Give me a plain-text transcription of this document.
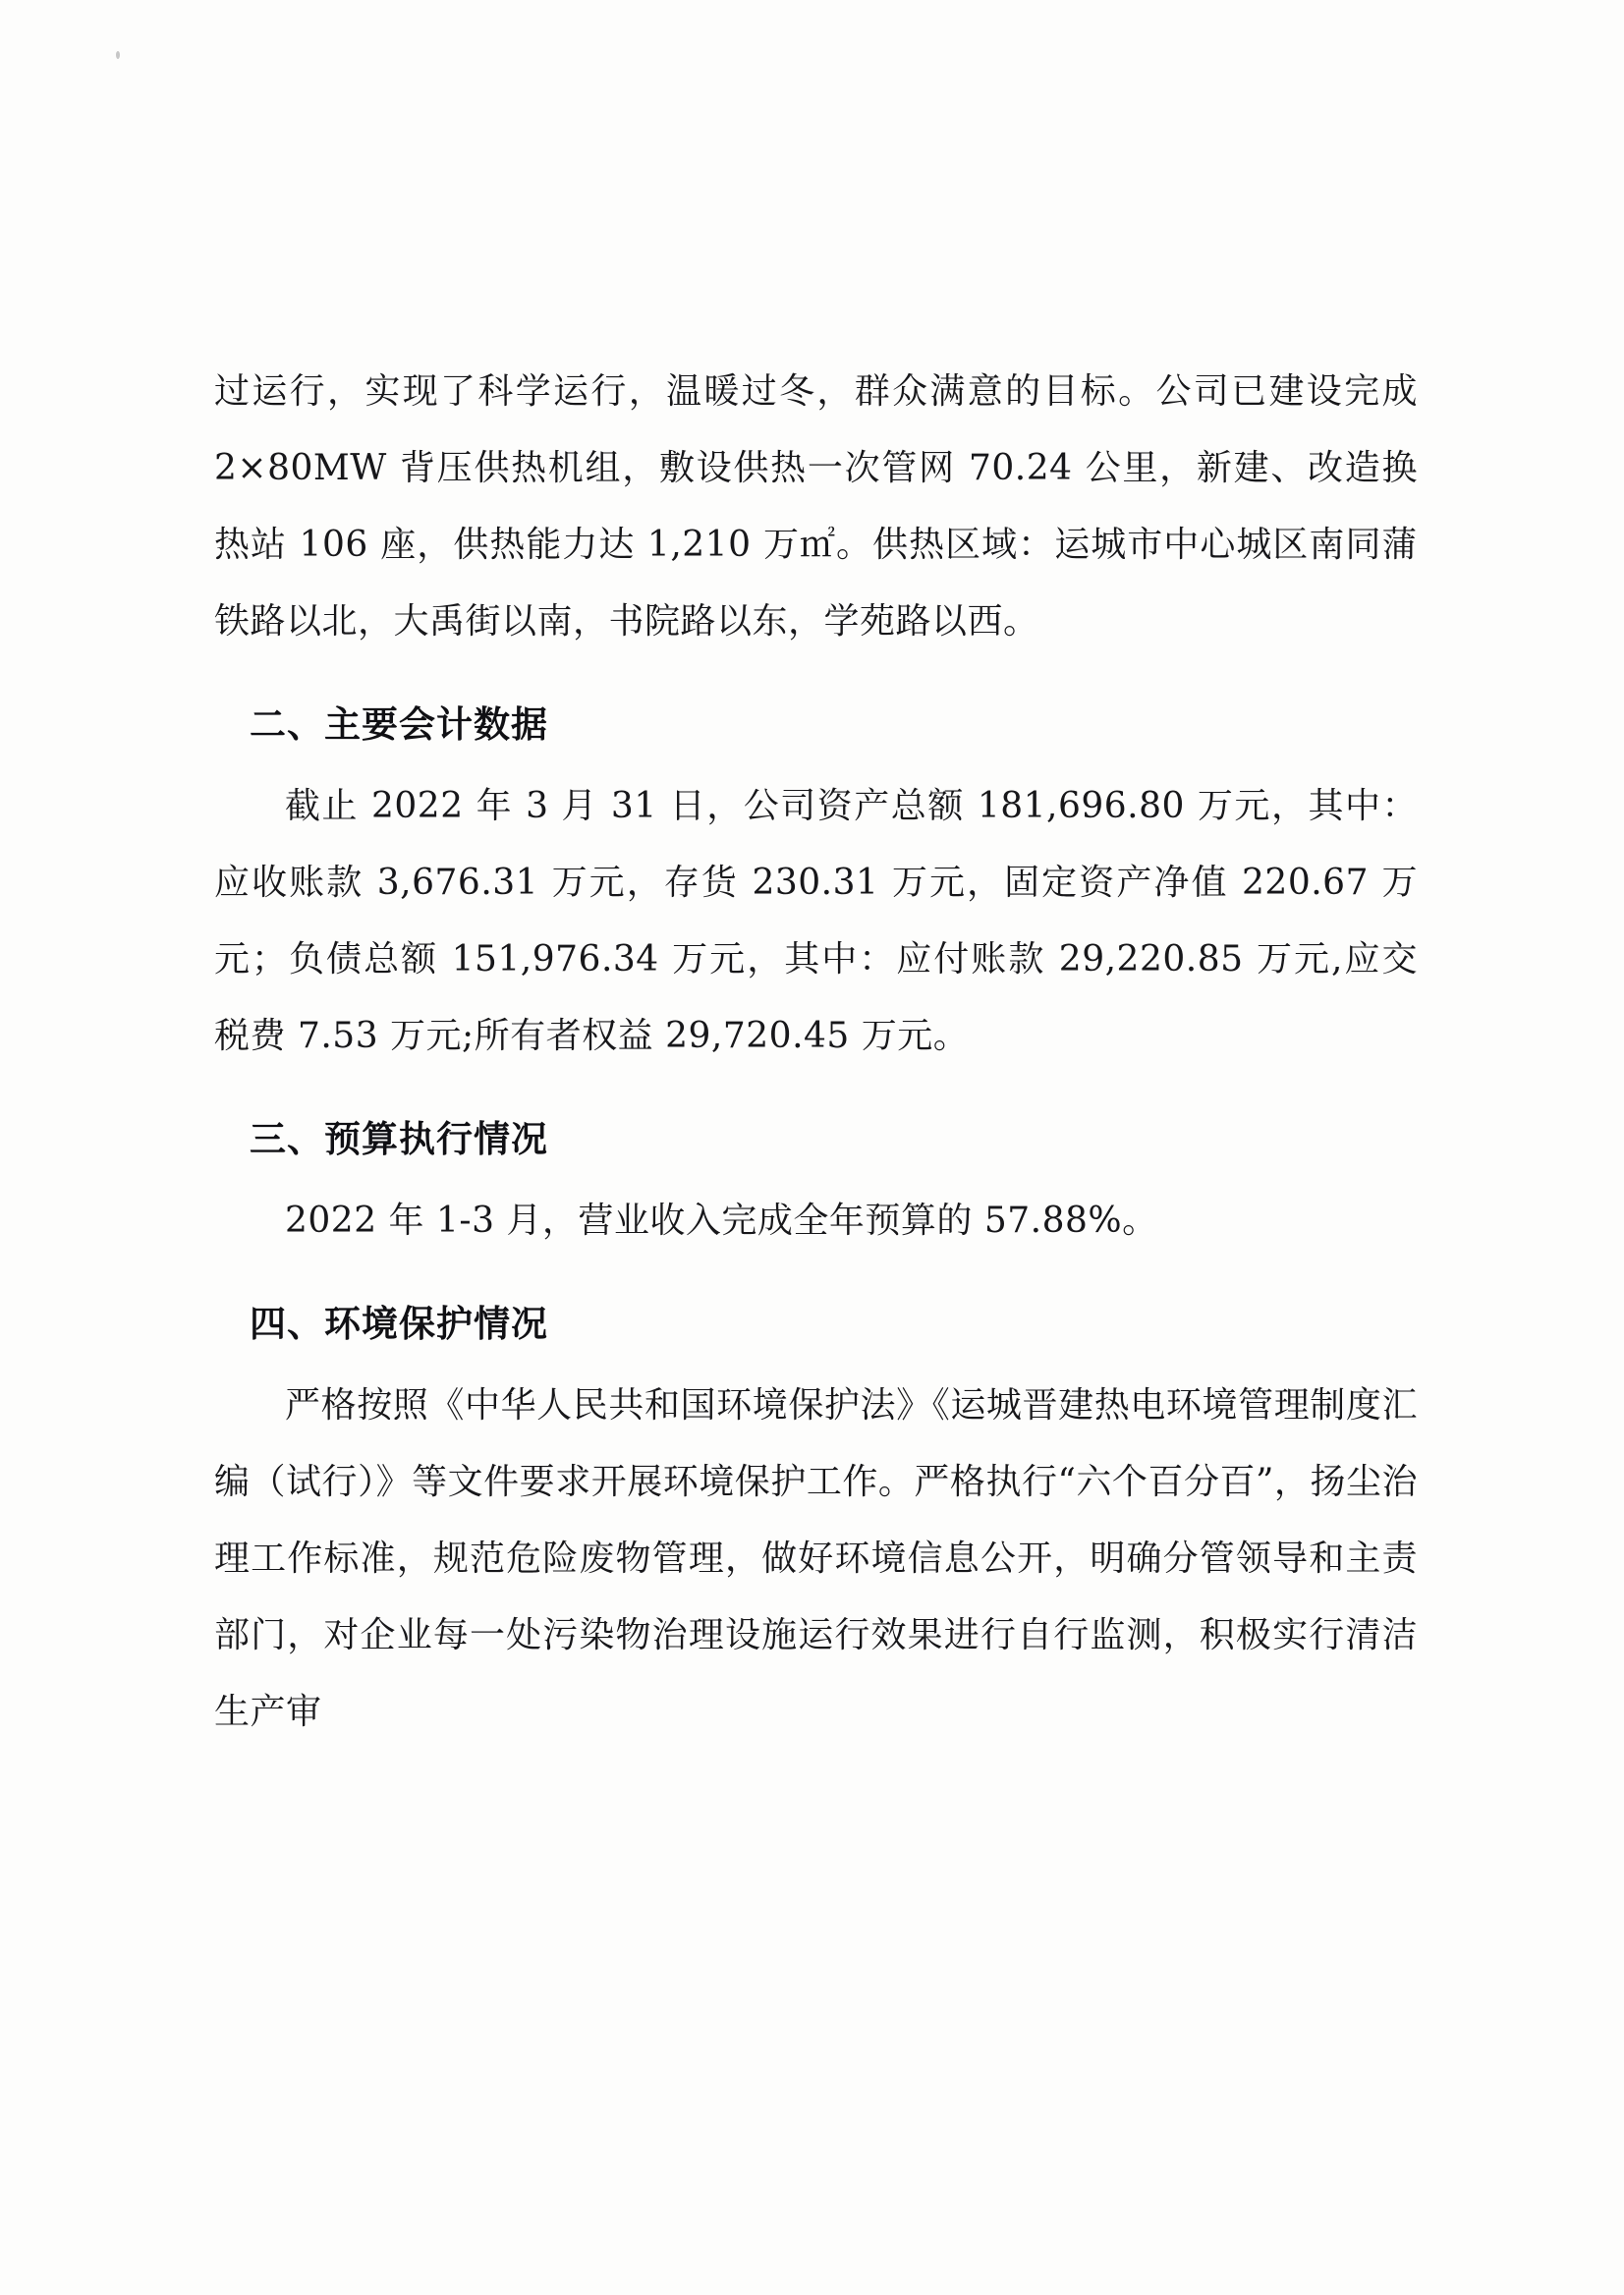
过运行，实现了科学运行，温暖过冬，群众满意的目标。公司已建设完成 2×80MW 背压供热机组，敷设供热一次管网 70.24 公里，新建、改造换热站 106 座，供热能力达 1,210 万㎡。供热区域：运城市中心城区南同蒲铁路以北，大禹街以南，书院路以东，学苑路以西。

二、主要会计数据

截止 2022 年 3 月 31 日，公司资产总额 181,696.80 万元，其中：应收账款 3,676.31 万元，存货 230.31 万元，固定资产净值 220.67 万元；负债总额 151,976.34 万元，其中：应付账款 29,220.85 万元,应交税费 7.53 万元;所有者权益 29,720.45 万元。

三、预算执行情况

2022 年 1-3 月，营业收入完成全年预算的 57.88%。

四、环境保护情况

严格按照《中华人民共和国环境保护法》《运城晋建热电环境管理制度汇编（试行）》等文件要求开展环境保护工作。严格执行“六个百分百”，扬尘治理工作标准，规范危险废物管理，做好环境信息公开，明确分管领导和主责部门，对企业每一处污染物治理设施运行效果进行自行监测，积极实行清洁生产审
